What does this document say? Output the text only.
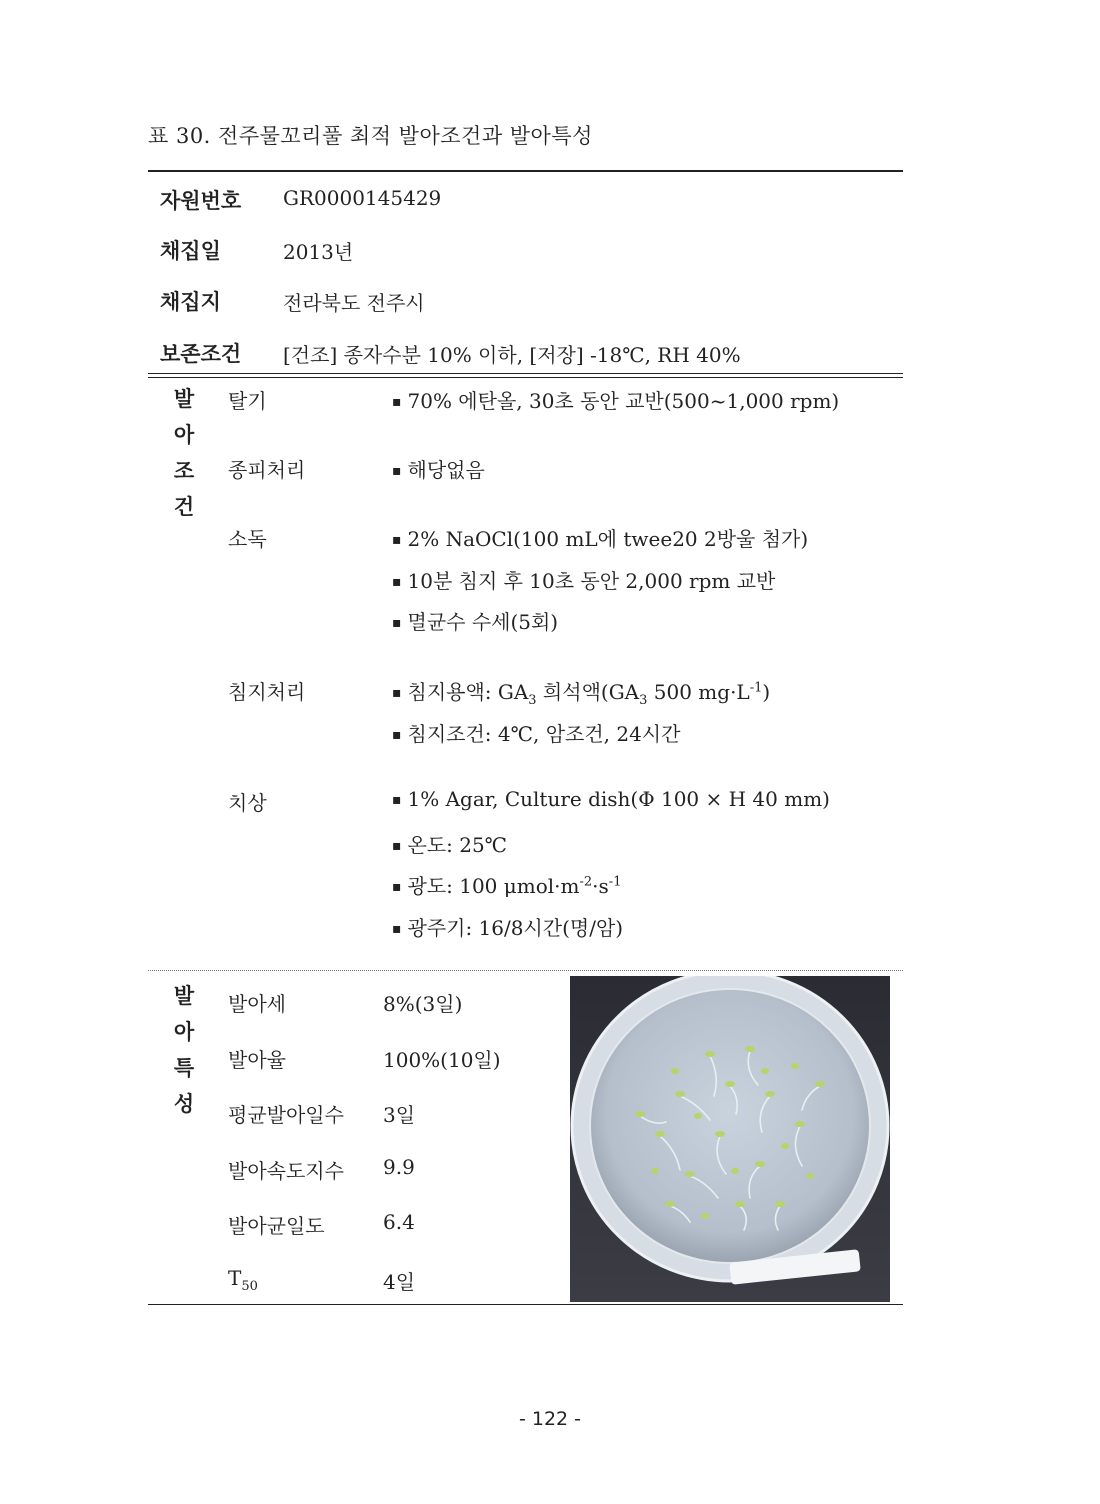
표 30. 전주물꼬리풀 최적 발아조건과 발아특성
자원번호 GR0000145429
채집일	2013년
채집지	전라북도 전주시
보존조건 [건조] 종자수분 10% 이하, [저장] -18℃, RH 40%
발
아
조
건
탈기	▪ 70% 에탄올, 30초 동안 교반(500~1,000 rpm)
종피처리	▪ 해당없음
소독	▪ 2% NaOCl(100 mL에 twee20 2방울 첨가)
▪ 10분 침지 후 10초 동안 2,000 rpm 교반
▪ 멸균수 수세(5회)
침지처리	▪ 침지용액: $GA_3$ 희석액($GA_3$ 500 $mg\cdot L^{-1}$)
▪ 침지조건: 4℃, 암조건, 24시간
치상	▪ 1% Agar, Culture dish(Φ 100 × H 40 mm)
▪ 온도: 25℃
▪ 광도: 100 $\mu mol\cdot m^{-2}\cdot s^{-1}$
▪ 광주기: 16/8시간(명/암)
발
아
특
성
발아세	8%(3일)
발아율	100%(10일)
평균발아일수 3일
발아속도지수 9.9
발아균일도	6.4
$T_{50}$	4일
- 122 -
